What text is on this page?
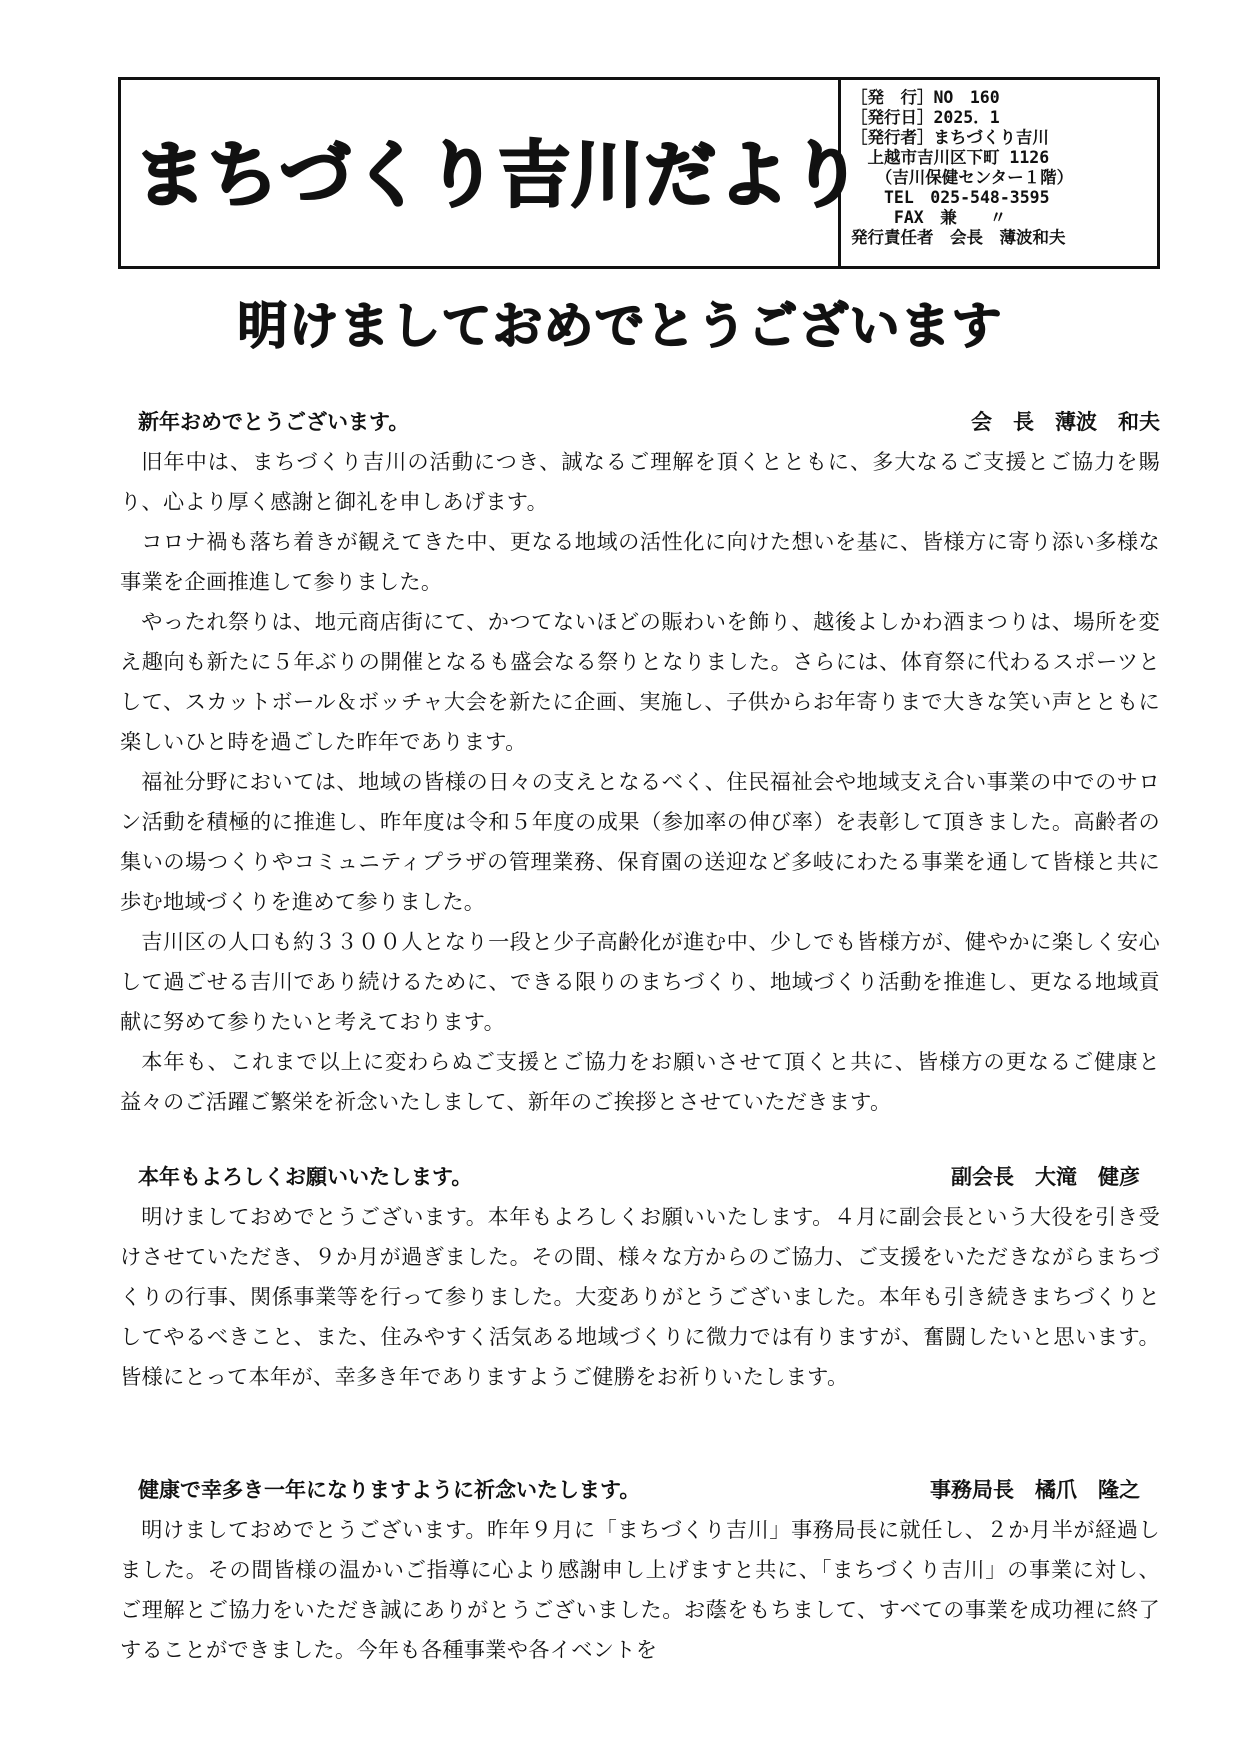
まちづくり吉川だより
［発　行］NO　160
［発行日］2025．1
［発行者］まちづくり吉川
　上越市吉川区下町 1126
　　（吉川保健センター１階）
　　TEL　025-548-3595
　　 FAX　兼　　〃
発行責任者　会長　薄波和夫
明けましておめでとうございます
新年おめでとうございます。	会　長　薄波　和夫

旧年中は、まちづくり吉川の活動につき、誠なるご理解を頂くとともに、多大なるご支援とご協力を賜り、心より厚く感謝と御礼を申しあげます。

コロナ禍も落ち着きが観えてきた中、更なる地域の活性化に向けた想いを基に、皆様方に寄り添い多様な事業を企画推進して参りました。

やったれ祭りは、地元商店街にて、かつてないほどの賑わいを飾り、越後よしかわ酒まつりは、場所を変え趣向も新たに５年ぶりの開催となるも盛会なる祭りとなりました。さらには、体育祭に代わるスポーツとして、スカットボール＆ボッチャ大会を新たに企画、実施し、子供からお年寄りまで大きな笑い声とともに楽しいひと時を過ごした昨年であります。

福祉分野においては、地域の皆様の日々の支えとなるべく、住民福祉会や地域支え合い事業の中でのサロン活動を積極的に推進し、昨年度は令和５年度の成果（参加率の伸び率）を表彰して頂きました。高齢者の集いの場つくりやコミュニティプラザの管理業務、保育園の送迎など多岐にわたる事業を通して皆様と共に歩む地域づくりを進めて参りました。

吉川区の人口も約３３００人となり一段と少子高齢化が進む中、少しでも皆様方が、健やかに楽しく安心して過ごせる吉川であり続けるために、できる限りのまちづくり、地域づくり活動を推進し、更なる地域貢献に努めて参りたいと考えております。

本年も、これまで以上に変わらぬご支援とご協力をお願いさせて頂くと共に、皆様方の更なるご健康と益々のご活躍ご繁栄を祈念いたしまして、新年のご挨拶とさせていただきます。

本年もよろしくお願いいたします。	副会長　大滝　健彦

明けましておめでとうございます。本年もよろしくお願いいたします。４月に副会長という大役を引き受けさせていただき、９か月が過ぎました。その間、様々な方からのご協力、ご支援をいただきながらまちづくりの行事、関係事業等を行って参りました。大変ありがとうございました。本年も引き続きまちづくりとしてやるべきこと、また、住みやすく活気ある地域づくりに微力では有りますが、奮闘したいと思います。皆様にとって本年が、幸多き年でありますようご健勝をお祈りいたします。

健康で幸多き一年になりますように祈念いたします。	事務局長　橘爪　隆之

明けましておめでとうございます。昨年９月に「まちづくり吉川」事務局長に就任し、２か月半が経過しました。その間皆様の温かいご指導に心より感謝申し上げますと共に、「まちづくり吉川」の事業に対し、ご理解とご協力をいただき誠にありがとうございました。お蔭をもちまして、すべての事業を成功裡に終了することができました。今年も各種事業や各イベントを
